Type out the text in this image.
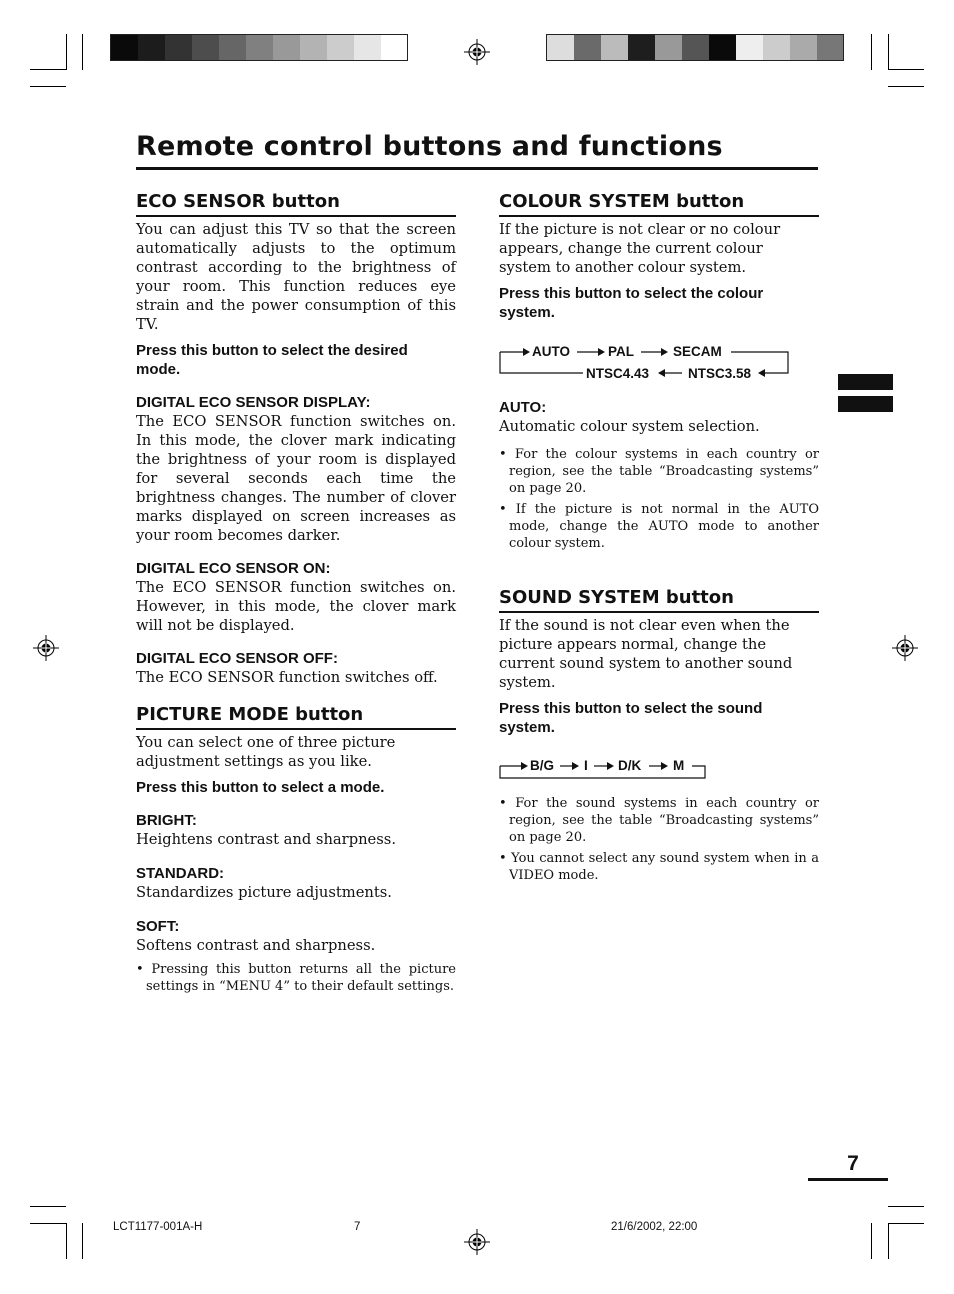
Remote control buttons and functions
ECO SENSOR button

You can adjust this TV so that the screen automatically adjusts to the optimum contrast according to the brightness of your room. This function reduces eye strain and the power consumption of this TV.

Press this button to select the desired mode.

DIGITAL ECO SENSOR DISPLAY:

The ECO SENSOR function switches on. In this mode, the clover mark indicating the brightness of your room is displayed for several seconds each time the brightness changes. The number of clover marks displayed on screen increases as your room becomes darker.

DIGITAL ECO SENSOR ON:

The ECO SENSOR function switches on. However, in this mode, the clover mark will not be displayed.

DIGITAL ECO SENSOR OFF:

The ECO SENSOR function switches off.

PICTURE MODE button

You can select one of three picture adjustment settings as you like.

Press this button to select a mode.

BRIGHT:

Heightens contrast and sharpness.

STANDARD:

Standardizes picture adjustments.

SOFT:

Softens contrast and sharpness.

• Pressing this button returns all the picture settings in “MENU 4” to their default settings.

COLOUR SYSTEM button

If the picture is not clear or no colour appears, change the current colour system to another colour system.

Press this button to select the colour system.

AUTO	PAL	SECAM
NTSC4.43	NTSC3.58

AUTO:

Automatic colour system selection.

• For the colour systems in each country or region, see the table “Broadcasting systems” on page 20.

• If the picture is not normal in the AUTO mode, change the AUTO mode to another colour system.

SOUND SYSTEM button

If the sound is not clear even when the picture appears normal, change the current sound system to another sound system.

Press this button to select the sound system.

B/G I D/K M

• For the sound systems in each country or region, see the table “Broadcasting systems” on page 20.

• You cannot select any sound system when in a VIDEO mode.

7
LCT1177-001A-H	7	21/6/2002, 22:00
